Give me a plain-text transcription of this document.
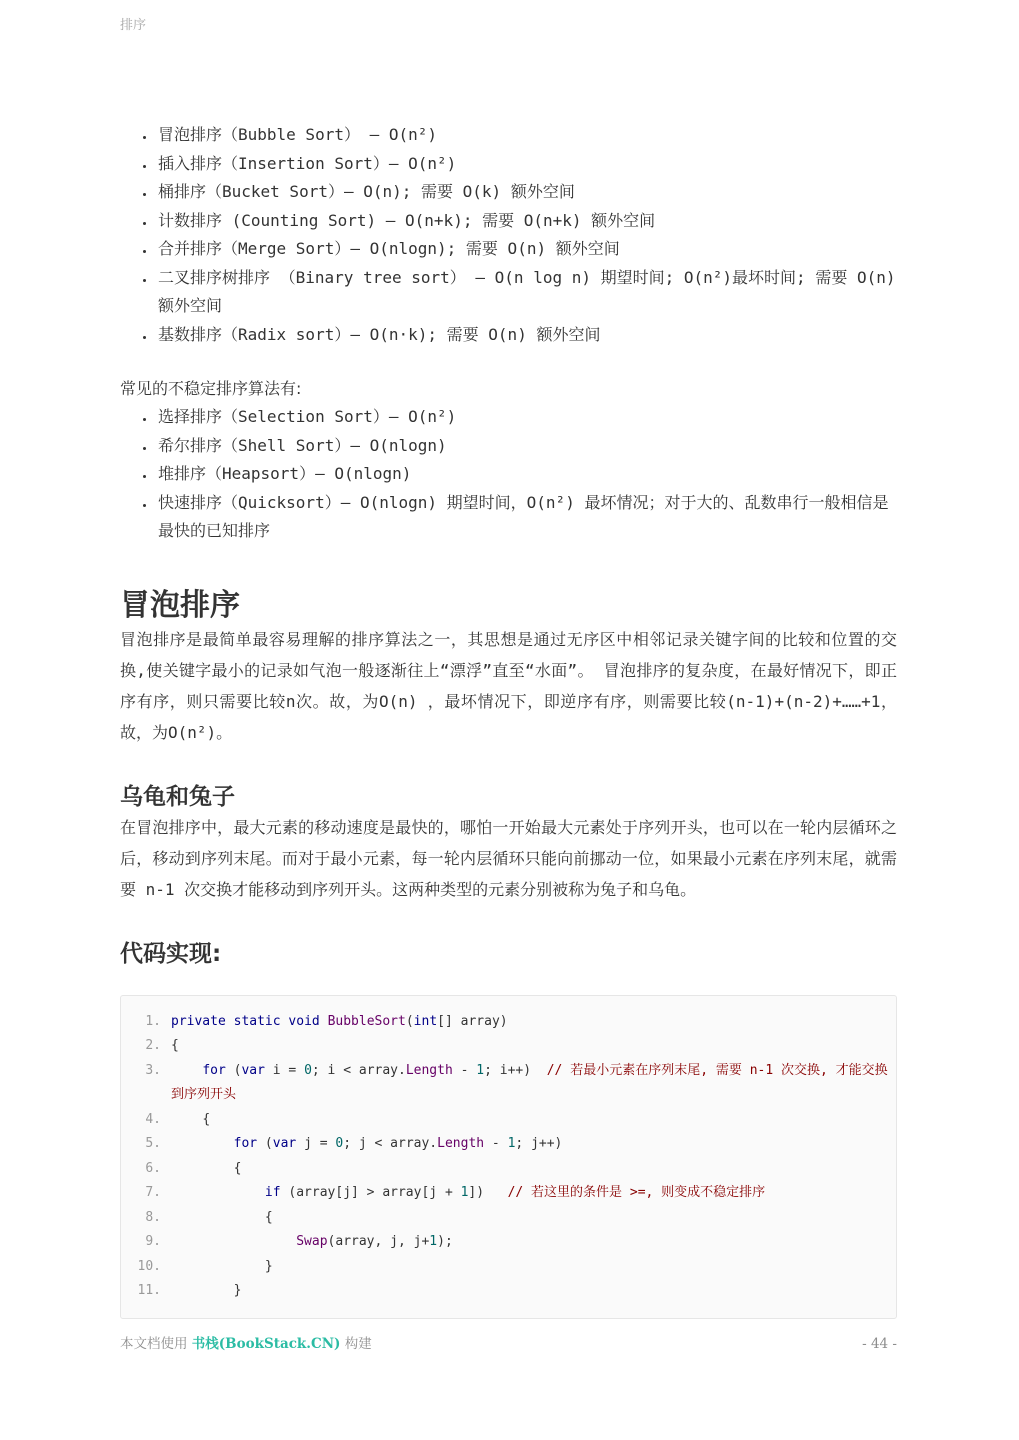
排序
• 冒泡排序（Bubble Sort） — O(n²)
• 插入排序（Insertion Sort）— O(n²)
• 桶排序（Bucket Sort）— O(n); 需要 O(k) 额外空间
• 计数排序 (Counting Sort) — O(n+k); 需要 O(n+k) 额外空间
• 合并排序（Merge Sort）— O(nlogn); 需要 O(n) 额外空间
• 二叉排序树排序 （Binary tree sort） — O(n log n) 期望时间; O(n²)最坏时间; 需要 O(n) 额外空间
• 基数排序（Radix sort）— O(n·k); 需要 O(n) 额外空间
常见的不稳定排序算法有:
• 选择排序（Selection Sort）— O(n²)
• 希尔排序（Shell Sort）— O(nlogn)
• 堆排序（Heapsort）— O(nlogn)
• 快速排序（Quicksort）— O(nlogn) 期望时间，O(n²) 最坏情况；对于大的、乱数串行一般相信是最快的已知排序
冒泡排序

冒泡排序是最简单最容易理解的排序算法之一，其思想是通过无序区中相邻记录关键字间的比较和位置的交换,使关键字最小的记录如气泡一般逐渐往上“漂浮”直至“水面”。 冒泡排序的复杂度，在最好情况下，即正序有序，则只需要比较n次。故，为O(n) ，最坏情况下，即逆序有序，则需要比较(n-1)+(n-2)+……+1，故，为O(n²)。

乌龟和兔子

在冒泡排序中，最大元素的移动速度是最快的，哪怕一开始最大元素处于序列开头，也可以在一轮内层循环之后，移动到序列末尾。而对于最小元素，每一轮内层循环只能向前挪动一位，如果最小元素在序列末尾，就需要 n-1 次交换才能移动到序列开头。这两种类型的元素分别被称为兔子和乌龟。

代码实现:
1. private static void BubbleSort(int[] array)
2. {
3.	for (var i = 0; i < array.Length - 1; i++)  // 若最小元素在序列末尾, 需要 n-1 次交换, 才能交换到序列开头
4. {
5.	for (var j = 0; j < array.Length - 1; j++)
6. {
7.	if (array[j] > array[j + 1])   // 若这里的条件是 >=, 则变成不稳定排序
8. {
9.	Swap(array, j, j+1);
10. }
11. }
本文档使用 书栈(BookStack.CN) 构建	- 44 -
